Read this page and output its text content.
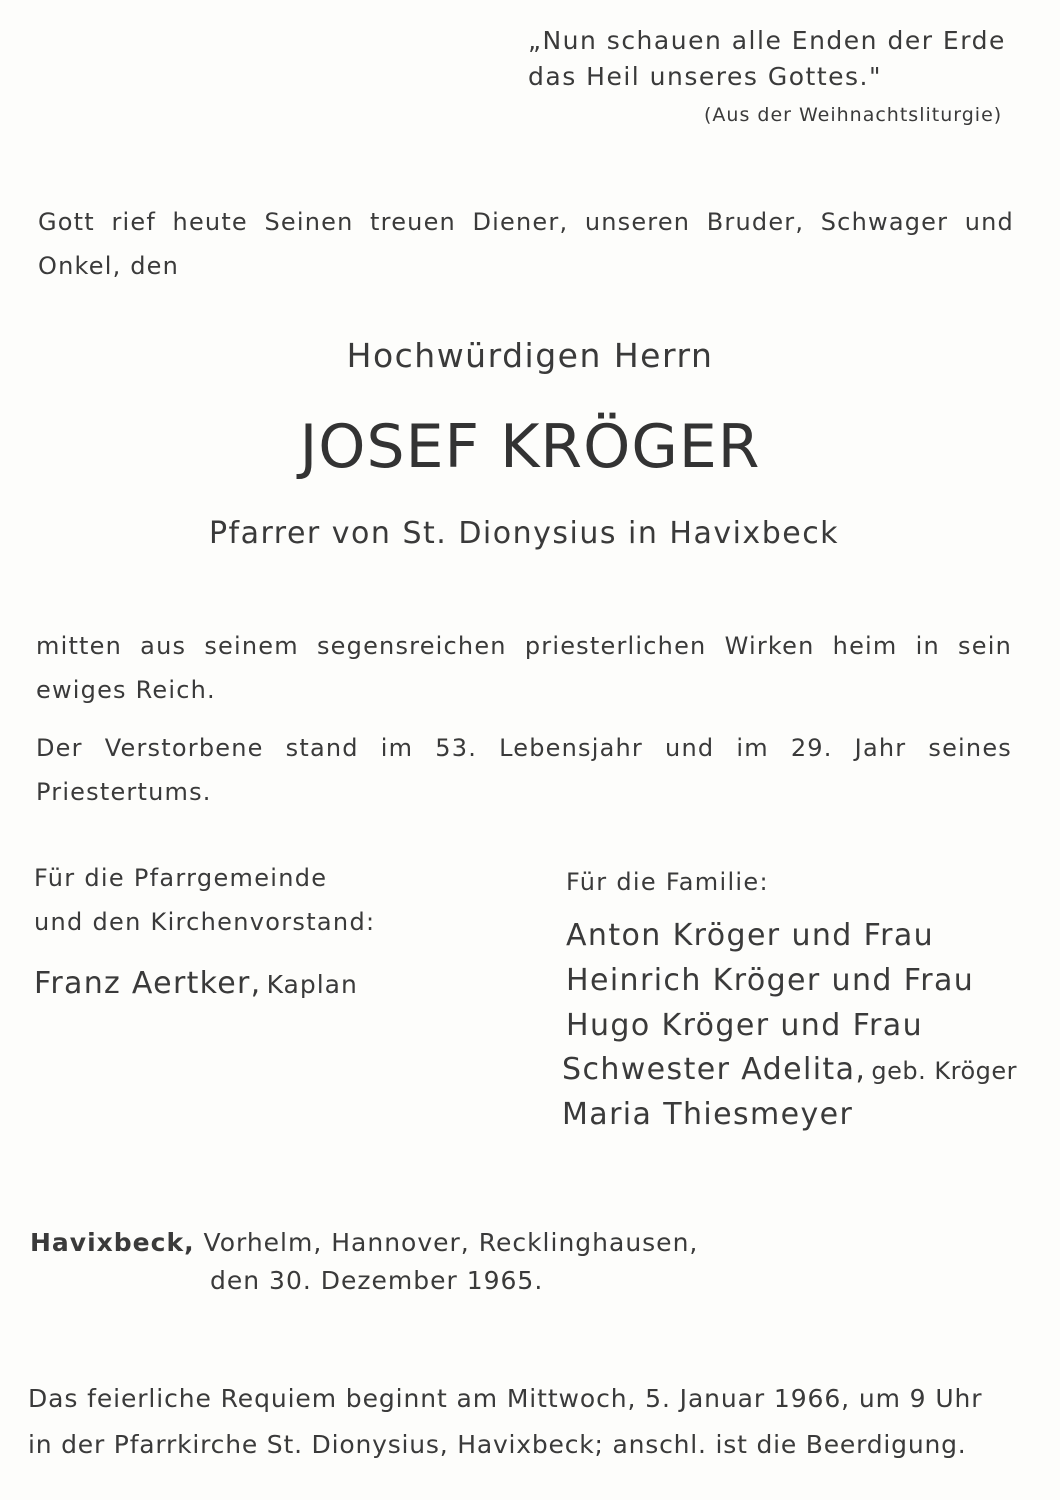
„Nun schauen alle Enden der Erde
das Heil unseres Gottes."
(Aus der Weihnachtsliturgie)
Gott rief heute Seinen treuen Diener, unseren Bruder, Schwager und Onkel, den
Hochwürdigen Herrn
JOSEF KRÖGER
Pfarrer von St. Dionysius in Havixbeck
mitten aus seinem segensreichen priesterlichen Wirken heim in sein ewiges Reich.
Der Verstorbene stand im 53. Lebensjahr und im 29. Jahr seines Priestertums.
Für die Pfarrgemeinde
und den Kirchenvorstand:
Franz Aertker, Kaplan
Für die Familie:
Anton Kröger und Frau
Heinrich Kröger und Frau
Hugo Kröger und Frau
Schwester Adelita, geb. Kröger
Maria Thiesmeyer
Havixbeck, Vorhelm, Hannover, Recklinghausen,
den 30. Dezember 1965.
Das feierliche Requiem beginnt am Mittwoch, 5. Januar 1966, um 9 Uhr
in der Pfarrkirche St. Dionysius, Havixbeck; anschl. ist die Beerdigung.
